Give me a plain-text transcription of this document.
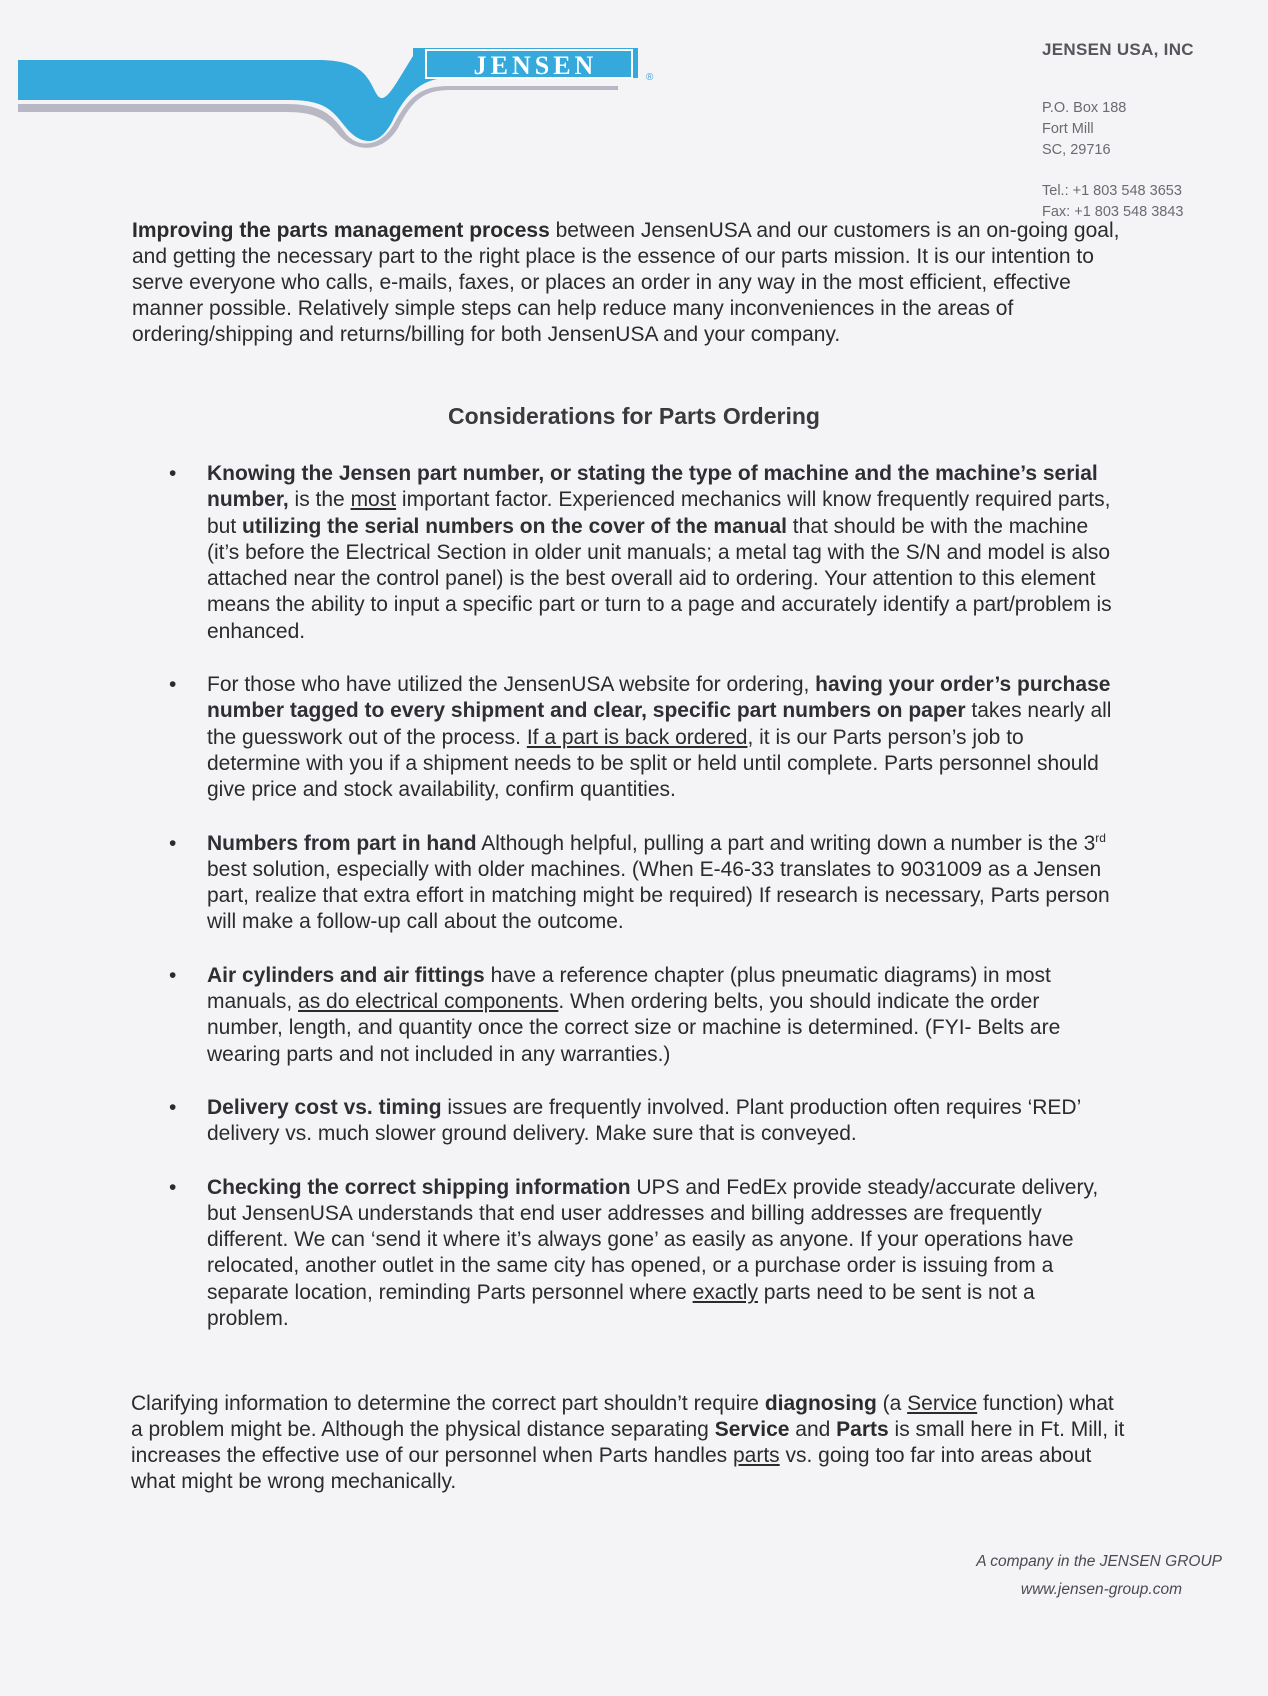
JENSEN	®
JENSEN USA, INC
P.O. Box 188
Fort Mill
SC, 29716
Tel.: +1 803 548 3653
Fax: +1 803 548 3843

Improving the parts management process between JensenUSA and our customers is an on-going goal, and getting the necessary part to the right place is the essence of our parts mission. It is our intention to serve everyone who calls, e-mails, faxes, or places an order in any way in the most efficient, effective manner possible. Relatively simple steps can help reduce many inconveniences in the areas of ordering/shipping and returns/billing for both JensenUSA and your company.

Considerations for Parts Ordering
• Knowing the Jensen part number, or stating the type of machine and the machine’s serial number, is the most important factor. Experienced mechanics will know frequently required parts, but utilizing the serial numbers on the cover of the manual that should be with the machine (it’s before the Electrical Section in older unit manuals; a metal tag with the S/N and model is also attached near the control panel) is the best overall aid to ordering. Your attention to this element means the ability to input a specific part or turn to a page and accurately identify a part/problem is enhanced.
• For those who have utilized the JensenUSA website for ordering, having your order’s purchase number tagged to every shipment and clear, specific part numbers on paper takes nearly all the guesswork out of the process. If a part is back ordered, it is our Parts person’s job to determine with you if a shipment needs to be split or held until complete. Parts personnel should give price and stock availability, confirm quantities.
• Numbers from part in hand Although helpful, pulling a part and writing down a number is the 3rd best solution, especially with older machines. (When E-46-33 translates to 9031009 as a Jensen part, realize that extra effort in matching might be required) If research is necessary, Parts person will make a follow-up call about the outcome.
• Air cylinders and air fittings have a reference chapter (plus pneumatic diagrams) in most manuals, as do electrical components. When ordering belts, you should indicate the order number, length, and quantity once the correct size or machine is determined. (FYI- Belts are wearing parts and not included in any warranties.)
• Delivery cost vs. timing issues are frequently involved. Plant production often requires ‘RED’ delivery vs. much slower ground delivery. Make sure that is conveyed.
• Checking the correct shipping information UPS and FedEx provide steady/accurate delivery, but JensenUSA understands that end user addresses and billing addresses are frequently different. We can ‘send it where it’s always gone’ as easily as anyone. If your operations have relocated, another outlet in the same city has opened, or a purchase order is issuing from a separate location, reminding Parts personnel where exactly parts need to be sent is not a problem.

Clarifying information to determine the correct part shouldn’t require diagnosing (a Service function) what a problem might be. Although the physical distance separating Service and Parts is small here in Ft. Mill, it increases the effective use of our personnel when Parts handles parts vs. going too far into areas about what might be wrong mechanically.

A company in the JENSEN GROUP
www.jensen-group.com
